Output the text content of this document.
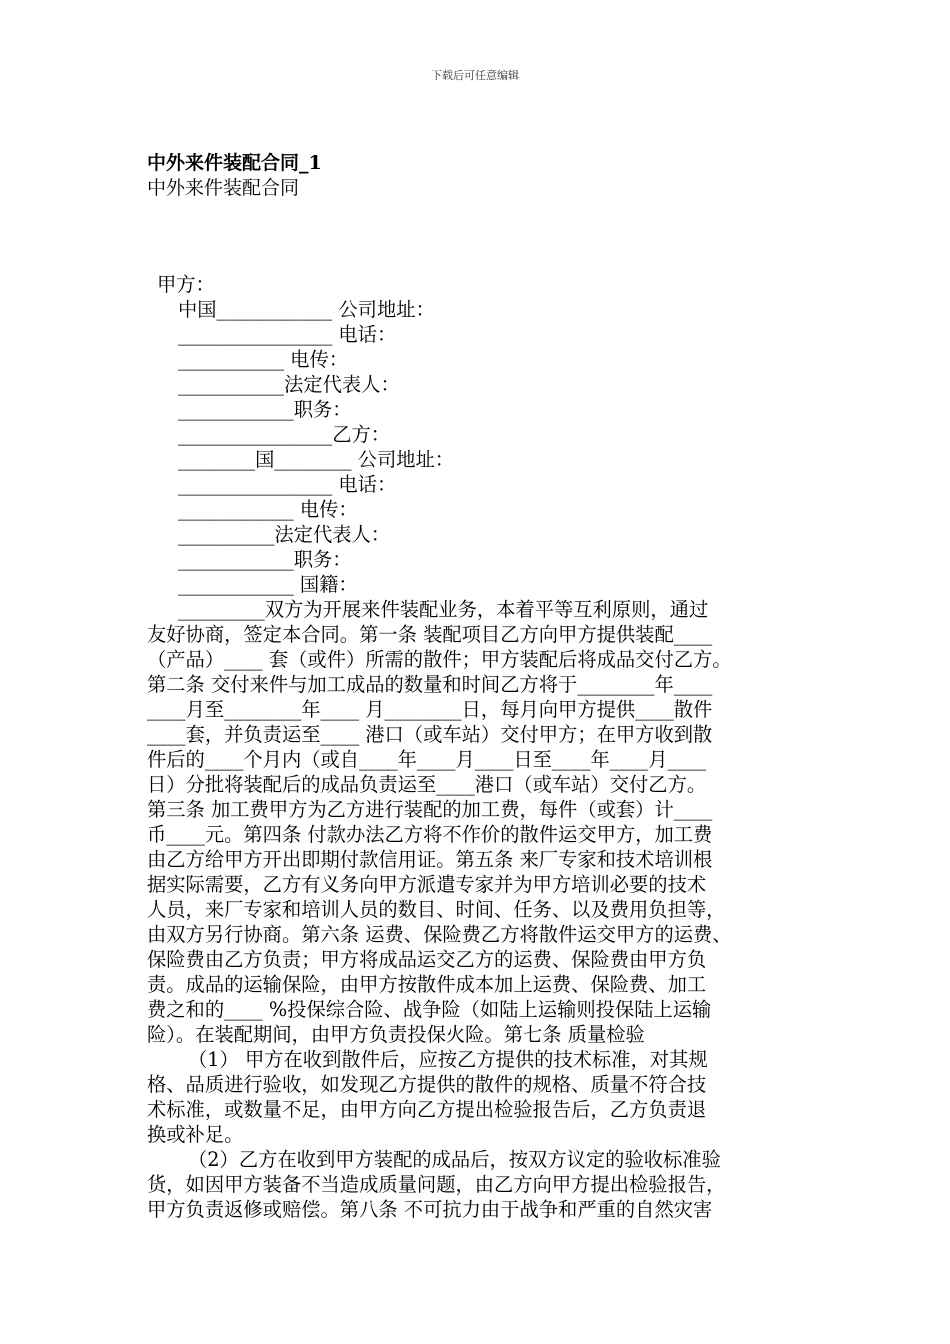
下载后可任意编辑
中外来件装配合同_1
中外来件装配合同
甲方：
中国____________ 公司地址：
________________ 电话：
___________ 电传：
___________法定代表人：
____________职务：
________________乙方：
________国________ 公司地址：
________________ 电话：
____________ 电传：
__________法定代表人：
____________职务：
____________ 国籍：
_________双方为开展来件装配业务，本着平等互利原则，通过
友好协商，签定本合同。第一条 装配项目乙方向甲方提供装配____
（产品）____ 套（或件）所需的散件；甲方装配后将成品交付乙方。
第二条 交付来件与加工成品的数量和时间乙方将于________年____
____月至________年____ 月________日，每月向甲方提供____散件
____套，并负责运至____ 港口（或车站）交付甲方；在甲方收到散
件后的____个月内（或自____年____月____日至____年____月____
日）分批将装配后的成品负责运至____港口（或车站）交付乙方。
第三条 加工费甲方为乙方进行装配的加工费，每件（或套）计____
币____元。第四条 付款办法乙方将不作价的散件运交甲方，加工费
由乙方给甲方开出即期付款信用证。第五条 来厂专家和技术培训根
据实际需要，乙方有义务向甲方派遣专家并为甲方培训必要的技术
人员，来厂专家和培训人员的数目、时间、任务、以及费用负担等，
由双方另行协商。第六条 运费、保险费乙方将散件运交甲方的运费、
保险费由乙方负责；甲方将成品运交乙方的运费、保险费由甲方负
责。成品的运输保险，由甲方按散件成本加上运费、保险费、加工
费之和的____ %投保综合险、战争险（如陆上运输则投保陆上运输
险）。在装配期间，由甲方负责投保火险。第七条 质量检验
（1） 甲方在收到散件后，应按乙方提供的技术标准，对其规
格、品质进行验收，如发现乙方提供的散件的规格、质量不符合技
术标准，或数量不足，由甲方向乙方提出检验报告后，乙方负责退
换或补足。
（2）乙方在收到甲方装配的成品后，按双方议定的验收标准验
货，如因甲方装备不当造成质量问题，由乙方向甲方提出检验报告，
甲方负责返修或赔偿。第八条 不可抗力由于战争和严重的自然灾害
